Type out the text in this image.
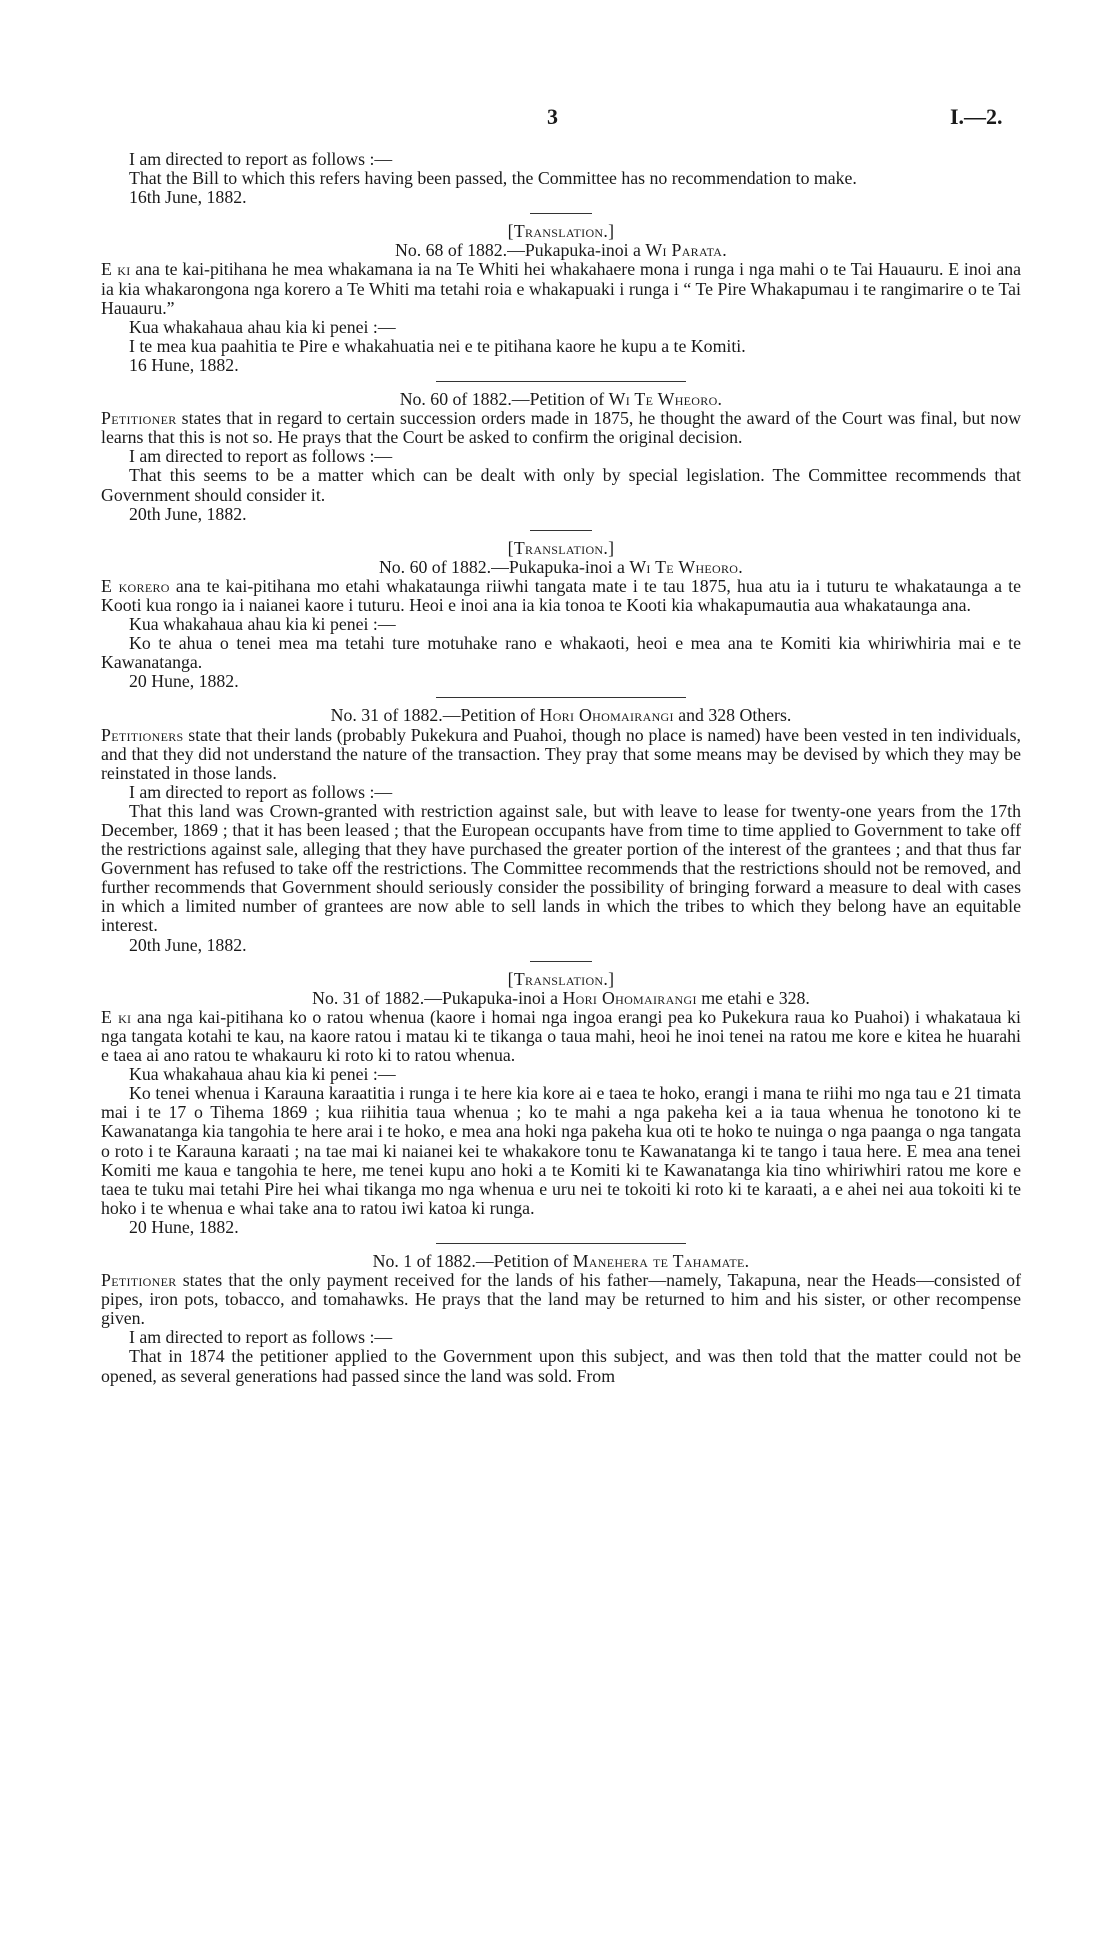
3	I.—2.

I am directed to report as follows :—

That the Bill to which this refers having been passed, the Committee has no recommendation to make.

16th June, 1882.

[Translation.]

No. 68 of 1882.—Pukapuka-inoi a Wi Parata.

E ki ana te kai-pitihana he mea whakamana ia na Te Whiti hei whakahaere mona i runga i nga mahi o te Tai Hauauru. E inoi ana ia kia whakarongona nga korero a Te Whiti ma tetahi roia e whakapuaki i runga i “ Te Pire Whakapumau i te rangimarire o te Tai Hauauru.”

Kua whakahaua ahau kia ki penei :—

I te mea kua paahitia te Pire e whakahuatia nei e te pitihana kaore he kupu a te Komiti.

16 Hune, 1882.

No. 60 of 1882.—Petition of Wi Te Wheoro.

Petitioner states that in regard to certain succession orders made in 1875, he thought the award of the Court was final, but now learns that this is not so. He prays that the Court be asked to confirm the original decision.

I am directed to report as follows :—

That this seems to be a matter which can be dealt with only by special legislation. The Committee recommends that Government should consider it.

20th June, 1882.

[Translation.]

No. 60 of 1882.—Pukapuka-inoi a Wi Te Wheoro.

E korero ana te kai-pitihana mo etahi whakataunga riiwhi tangata mate i te tau 1875, hua atu ia i tuturu te whakataunga a te Kooti kua rongo ia i naianei kaore i tuturu. Heoi e inoi ana ia kia tonoa te Kooti kia whakapumautia aua whakataunga ana.

Kua whakahaua ahau kia ki penei :—

Ko te ahua o tenei mea ma tetahi ture motuhake rano e whakaoti, heoi e mea ana te Komiti kia whiriwhiria mai e te Kawanatanga.

20 Hune, 1882.

No. 31 of 1882.—Petition of Hori Ohomairangi and 328 Others.

Petitioners state that their lands (probably Pukekura and Puahoi, though no place is named) have been vested in ten individuals, and that they did not understand the nature of the transaction. They pray that some means may be devised by which they may be reinstated in those lands.

I am directed to report as follows :—

That this land was Crown-granted with restriction against sale, but with leave to lease for twenty-one years from the 17th December, 1869 ; that it has been leased ; that the European occupants have from time to time applied to Government to take off the restrictions against sale, alleging that they have purchased the greater portion of the interest of the grantees ; and that thus far Government has refused to take off the restrictions. The Committee recommends that the restrictions should not be removed, and further recommends that Government should seriously consider the possibility of bringing forward a measure to deal with cases in which a limited number of grantees are now able to sell lands in which the tribes to which they belong have an equitable interest.

20th June, 1882.

[Translation.]

No. 31 of 1882.—Pukapuka-inoi a Hori Ohomairangi me etahi e 328.

E ki ana nga kai-pitihana ko o ratou whenua (kaore i homai nga ingoa erangi pea ko Pukekura raua ko Puahoi) i whakataua ki nga tangata kotahi te kau, na kaore ratou i matau ki te tikanga o taua mahi, heoi he inoi tenei na ratou me kore e kitea he huarahi e taea ai ano ratou te whakauru ki roto ki to ratou whenua.

Kua whakahaua ahau kia ki penei :—

Ko tenei whenua i Karauna karaatitia i runga i te here kia kore ai e taea te hoko, erangi i mana te riihi mo nga tau e 21 timata mai i te 17 o Tihema 1869 ; kua riihitia taua whenua ; ko te mahi a nga pakeha kei a ia taua whenua he tonotono ki te Kawanatanga kia tangohia te here arai i te hoko, e mea ana hoki nga pakeha kua oti te hoko te nuinga o nga paanga o nga tangata o roto i te Karauna karaati ; na tae mai ki naianei kei te whakakore tonu te Kawanatanga ki te tango i taua here. E mea ana tenei Komiti me kaua e tangohia te here, me tenei kupu ano hoki a te Komiti ki te Kawanatanga kia tino whiriwhiri ratou me kore e taea te tuku mai tetahi Pire hei whai tikanga mo nga whenua e uru nei te tokoiti ki roto ki te karaati, a e ahei nei aua tokoiti ki te hoko i te whenua e whai take ana to ratou iwi katoa ki runga.

20 Hune, 1882.

No. 1 of 1882.—Petition of Manehera te Tahamate.

Petitioner states that the only payment received for the lands of his father—namely, Takapuna, near the Heads—consisted of pipes, iron pots, tobacco, and tomahawks. He prays that the land may be returned to him and his sister, or other recompense given.

I am directed to report as follows :—

That in 1874 the petitioner applied to the Government upon this subject, and was then told that the matter could not be opened, as several generations had passed since the land was sold. From
